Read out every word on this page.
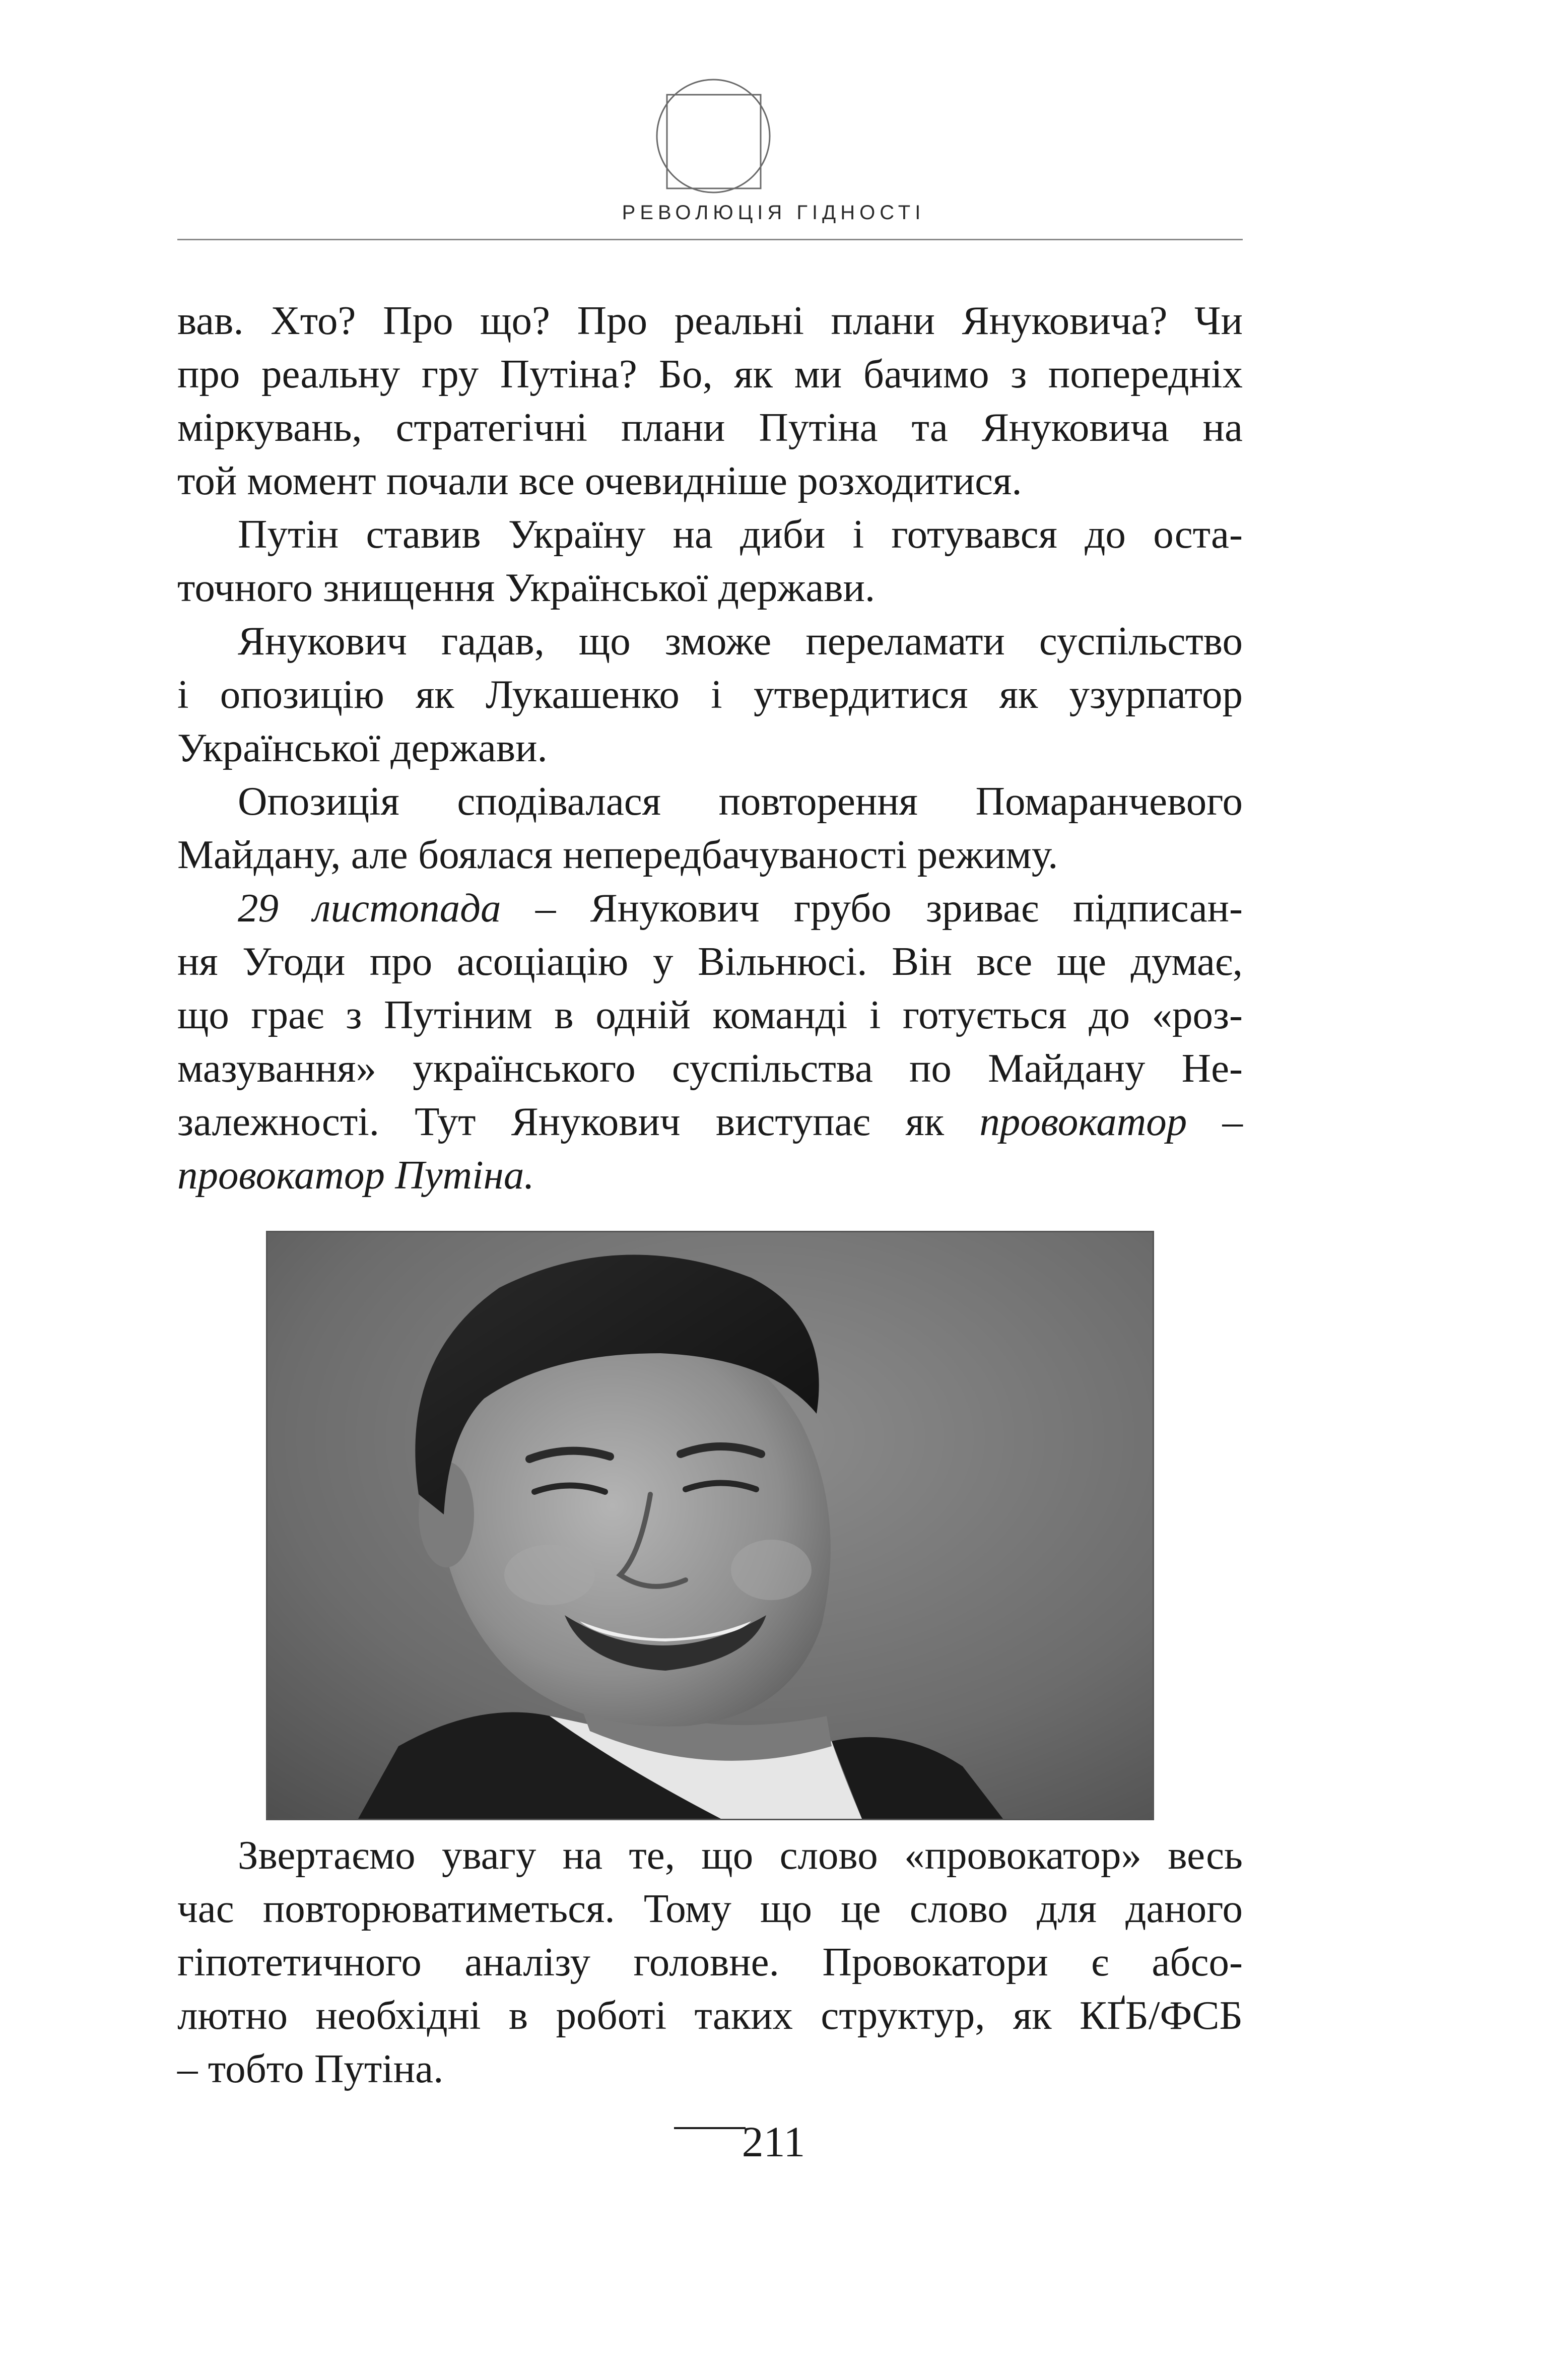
РЕВОЛЮЦІЯ ГІДНОСТІ

вав. Хто? Про що? Про реальні плани Януковича? Чи
про реальну гру Путіна? Бо, як ми бачимо з попередніх
міркувань, стратегічні плани Путіна та Януковича на
той момент почали все очевидніше розходитися.

Путін ставив Україну на диби і готувався до оста-
точного знищення Української держави.

Янукович гадав, що зможе переламати суспільство
і опозицію як Лукашенко і утвердитися як узурпатор
Української держави.

Опозиція сподівалася повторення Помаранчевого
Майдану, але боялася непередбачуваності режиму.

29 листопада – Янукович грубо зриває підписан-
ня Угоди про асоціацію у Вільнюсі. Він все ще думає,
що грає з Путіним в одній команді і готується до «роз-
мазування» українського суспільства по Майдану Не-
залежності. Тут Янукович виступає як провокатор –
провокатор Путіна.

Звертаємо увагу на те, що слово «провокатор» весь
час повторюватиметься. Тому що це слово для даного
гіпотетичного аналізу головне. Провокатори є абсо-
лютно необхідні в роботі таких структур, як КҐБ/ФСБ
– тобто Путіна.

211
